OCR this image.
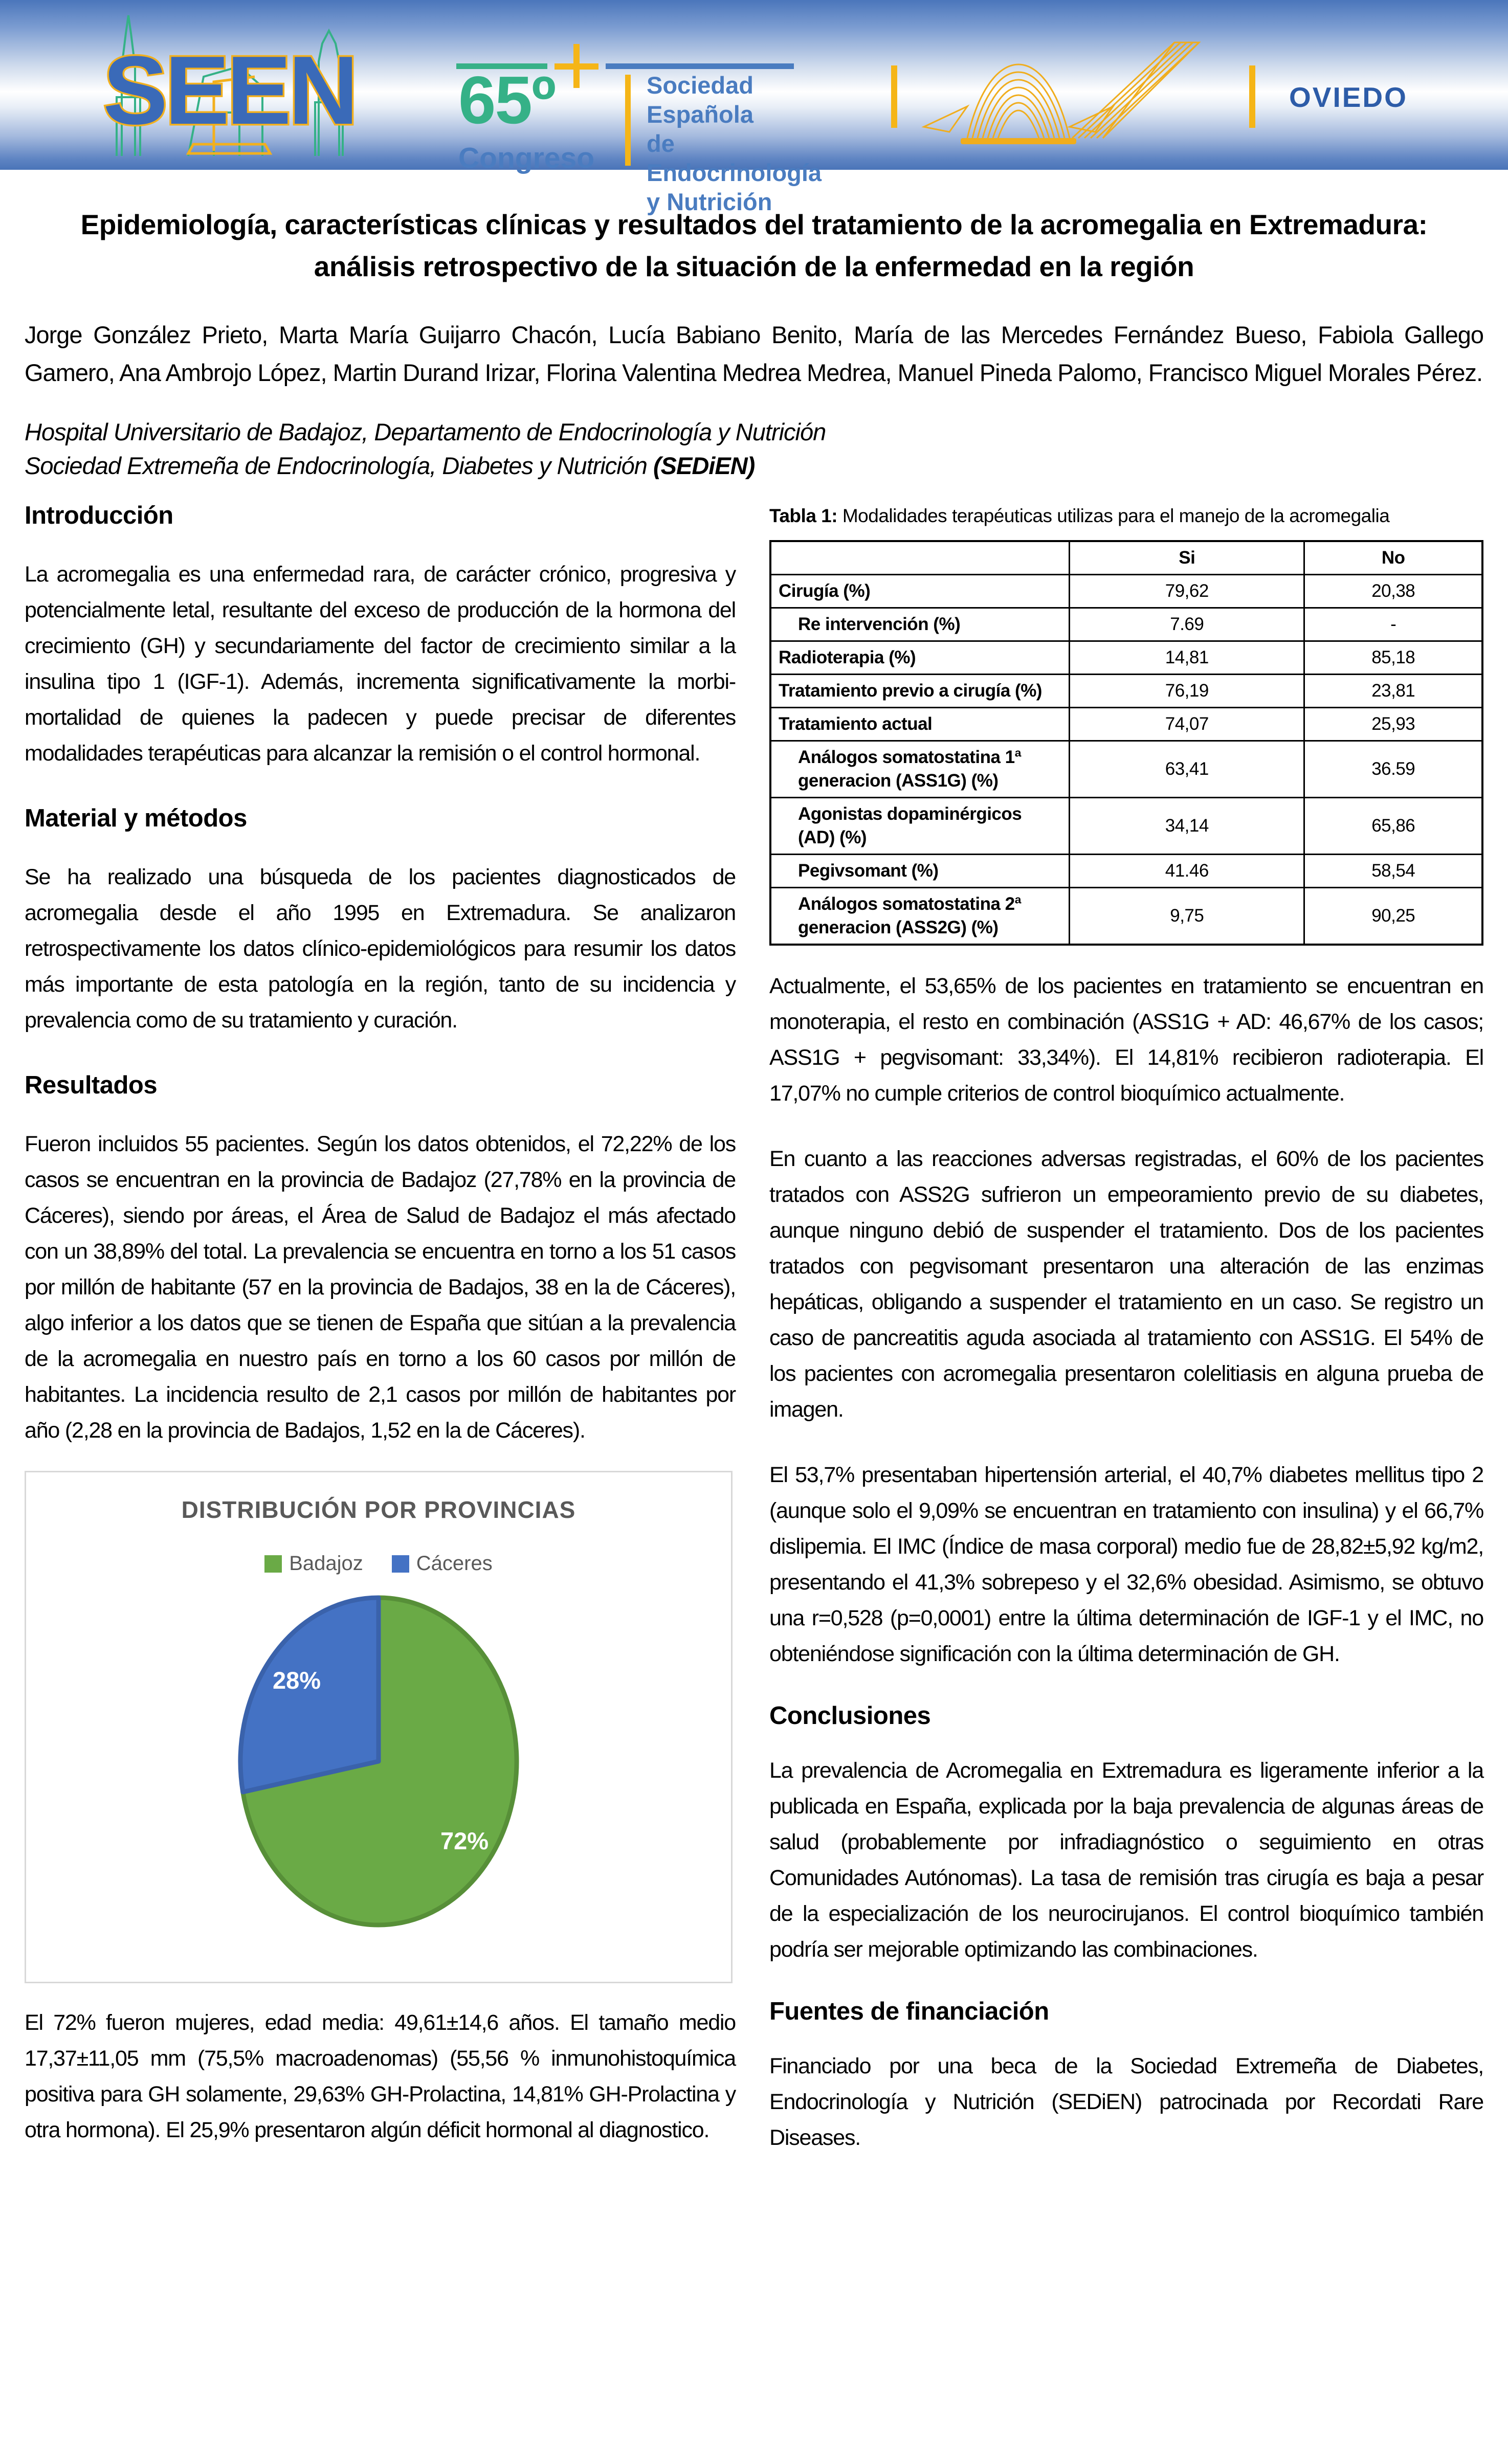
SEEN 65º
Congreso
Sociedad Española
de Endocrinología
y Nutrición
OVIEDO
Epidemiología, características clínicas y resultados del tratamiento de la acromegalia en Extremadura: análisis retrospectivo de la situación de la enfermedad en la región

Jorge González Prieto, Marta María Guijarro Chacón, Lucía Babiano Benito, María de las Mercedes Fernández Bueso, Fabiola Gallego Gamero, Ana Ambrojo López, Martin Durand Irizar, Florina Valentina Medrea Medrea, Manuel Pineda Palomo, Francisco Miguel Morales Pérez.

Hospital Universitario de Badajoz, Departamento de Endocrinología y Nutrición
Sociedad Extremeña de Endocrinología, Diabetes y Nutrición (SEDiEN)
Introducción

La acromegalia es una enfermedad rara, de carácter crónico, progresiva y potencialmente letal, resultante del exceso de producción de la hormona del crecimiento (GH) y secundariamente del factor de crecimiento similar a la insulina tipo 1 (IGF-1). Además, incrementa significativamente la morbi-mortalidad de quienes la padecen y puede precisar de diferentes modalidades terapéuticas para alcanzar la remisión o el control hormonal.

Material y métodos

Se ha realizado una búsqueda de los pacientes diagnosticados de acromegalia desde el año 1995 en Extremadura. Se analizaron retrospectivamente los datos clínico-epidemiológicos para resumir los datos más importante de esta patología en la región, tanto de su incidencia y prevalencia como de su tratamiento y curación.

Resultados

Fueron incluidos 55 pacientes. Según los datos obtenidos, el 72,22% de los casos se encuentran en la provincia de Badajoz (27,78% en la provincia de Cáceres), siendo por áreas, el Área de Salud de Badajoz el más afectado con un 38,89% del total. La prevalencia se encuentra en torno a los 51 casos por millón de habitante (57 en la provincia de Badajos, 38 en la de Cáceres), algo inferior a los datos que se tienen de España que sitúan a la prevalencia de la acromegalia en nuestro país en torno a los 60 casos por millón de habitantes. La incidencia resulto de 2,1 casos por millón de habitantes por año (2,28 en la provincia de Badajos, 1,52 en la de Cáceres).

DISTRIBUCIÓN POR PROVINCIAS
Badajoz	Cáceres
28%
72%

El 72% fueron mujeres, edad media: 49,61±14,6 años. El tamaño medio 17,37±11,05 mm (75,5% macroadenomas) (55,56 % inmunohistoquímica positiva para GH solamente, 29,63% GH-Prolactina, 14,81% GH-Prolactina y otra hormona). El 25,9% presentaron algún déficit hormonal al diagnostico.

Tabla 1: Modalidades terapéuticas utilizas para el manejo de la acromegalia
	Si	No
Cirugía (%)	79,62	20,38
Re intervención (%)	7.69	-
Radioterapia (%)	14,81	85,18
Tratamiento previo a cirugía (%)	76,19	23,81
Tratamiento actual	74,07	25,93
Análogos somatostatina 1ª generacion (ASS1G) (%)	63,41	36.59
Agonistas dopaminérgicos (AD) (%)	34,14	65,86
Pegivsomant (%)	41.46	58,54
Análogos somatostatina 2ª generacion (ASS2G) (%)	9,75	90,25

Actualmente, el 53,65% de los pacientes en tratamiento se encuentran en monoterapia, el resto en combinación (ASS1G + AD: 46,67% de los casos; ASS1G + pegvisomant: 33,34%). El 14,81% recibieron radioterapia. El 17,07% no cumple criterios de control bioquímico actualmente.

En cuanto a las reacciones adversas registradas, el 60% de los pacientes tratados con ASS2G sufrieron un empeoramiento previo de su diabetes, aunque ninguno debió de suspender el tratamiento. Dos de los pacientes tratados con pegvisomant presentaron una alteración de las enzimas hepáticas, obligando a suspender el tratamiento en un caso. Se registro un caso de pancreatitis aguda asociada al tratamiento con ASS1G. El 54% de los pacientes con acromegalia presentaron colelitiasis en alguna prueba de imagen.

El 53,7% presentaban hipertensión arterial, el 40,7% diabetes mellitus tipo 2 (aunque solo el 9,09% se encuentran en tratamiento con insulina) y el 66,7% dislipemia. El IMC (Índice de masa corporal) medio fue de 28,82±5,92 kg/m2, presentando el 41,3% sobrepeso y el 32,6% obesidad. Asimismo, se obtuvo una r=0,528 (p=0,0001) entre la última determinación de IGF-1 y el IMC, no obteniéndose significación con la última determinación de GH.

Conclusiones

La prevalencia de Acromegalia en Extremadura es ligeramente inferior a la publicada en España, explicada por la baja prevalencia de algunas áreas de salud (probablemente por infradiagnóstico o seguimiento en otras Comunidades Autónomas). La tasa de remisión tras cirugía es baja a pesar de la especialización de los neurocirujanos. El control bioquímico también podría ser mejorable optimizando las combinaciones.

Fuentes de financiación

Financiado por una beca de la Sociedad Extremeña de Diabetes, Endocrinología y Nutrición (SEDiEN) patrocinada por Recordati Rare Diseases.
